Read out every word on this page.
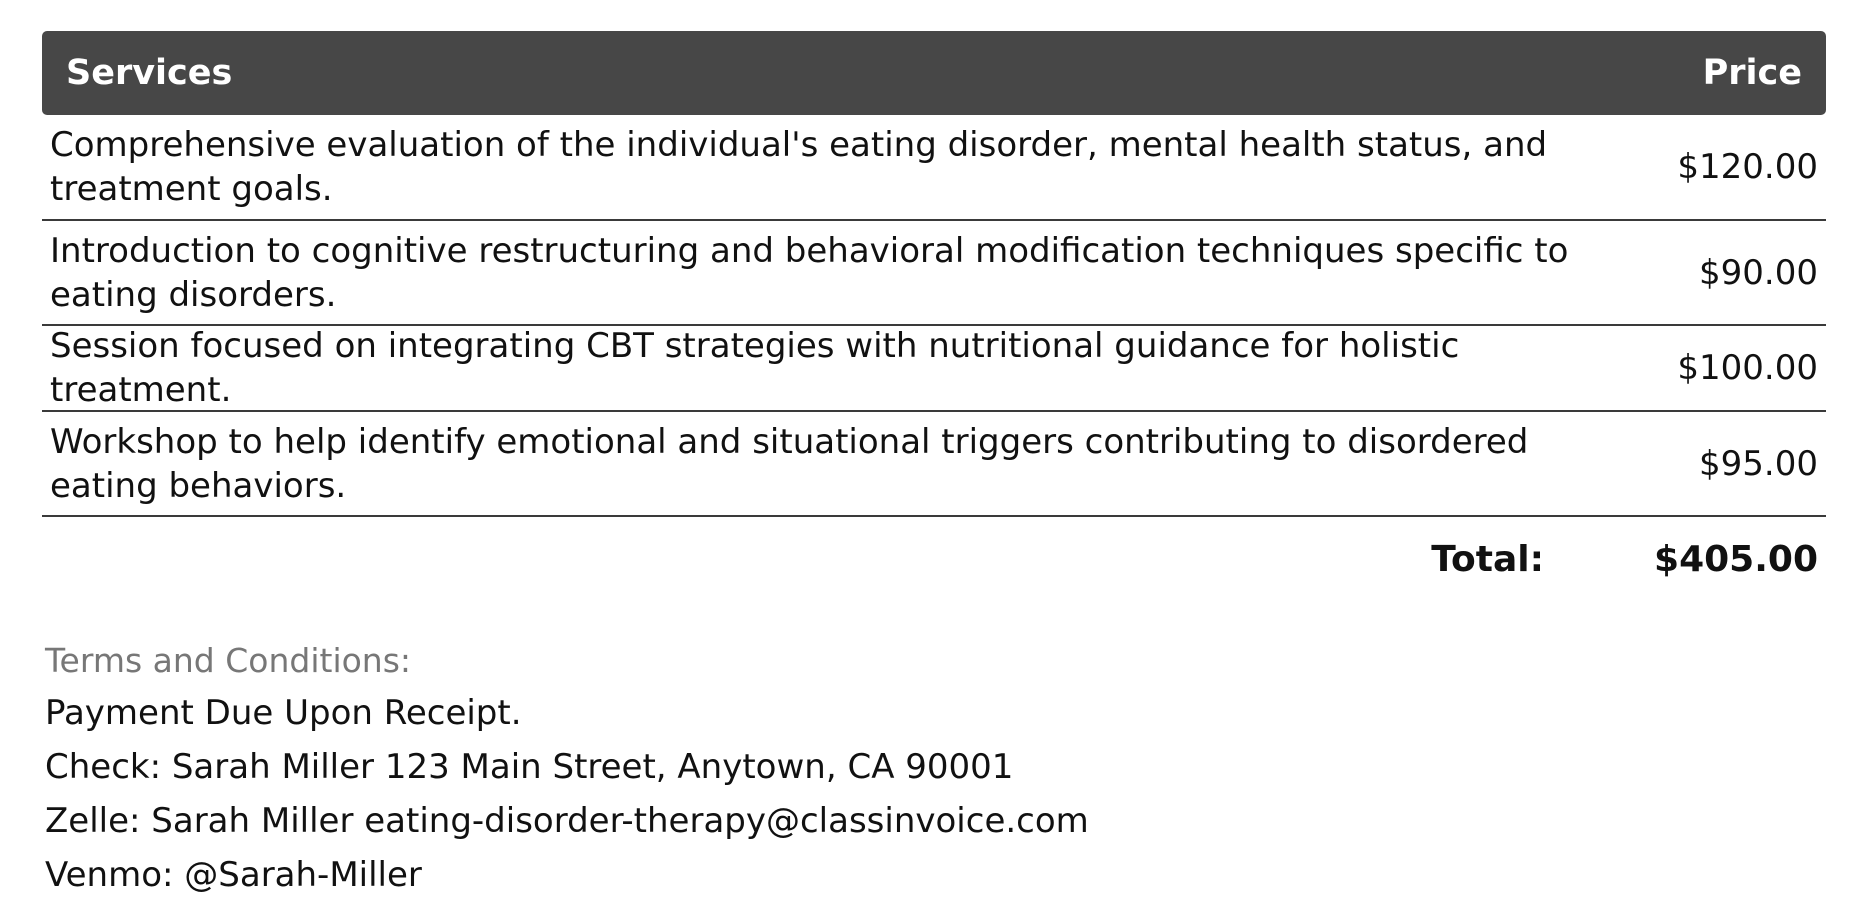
Services	Price
Comprehensive evaluation of the individual's eating disorder, mental health status, and treatment goals.
$120.00
Introduction to cognitive restructuring and behavioral modification techniques specific to eating disorders.
$90.00
Session focused on integrating CBT strategies with nutritional guidance for holistic treatment.
$100.00
Workshop to help identify emotional and situational triggers contributing to disordered eating behaviors.
$95.00
Total:	$405.00

Terms and Conditions:

Payment Due Upon Receipt.

Check: Sarah Miller 123 Main Street, Anytown, CA 90001

Zelle: Sarah Miller eating-disorder-therapy@classinvoice.com

Venmo: @Sarah-Miller
